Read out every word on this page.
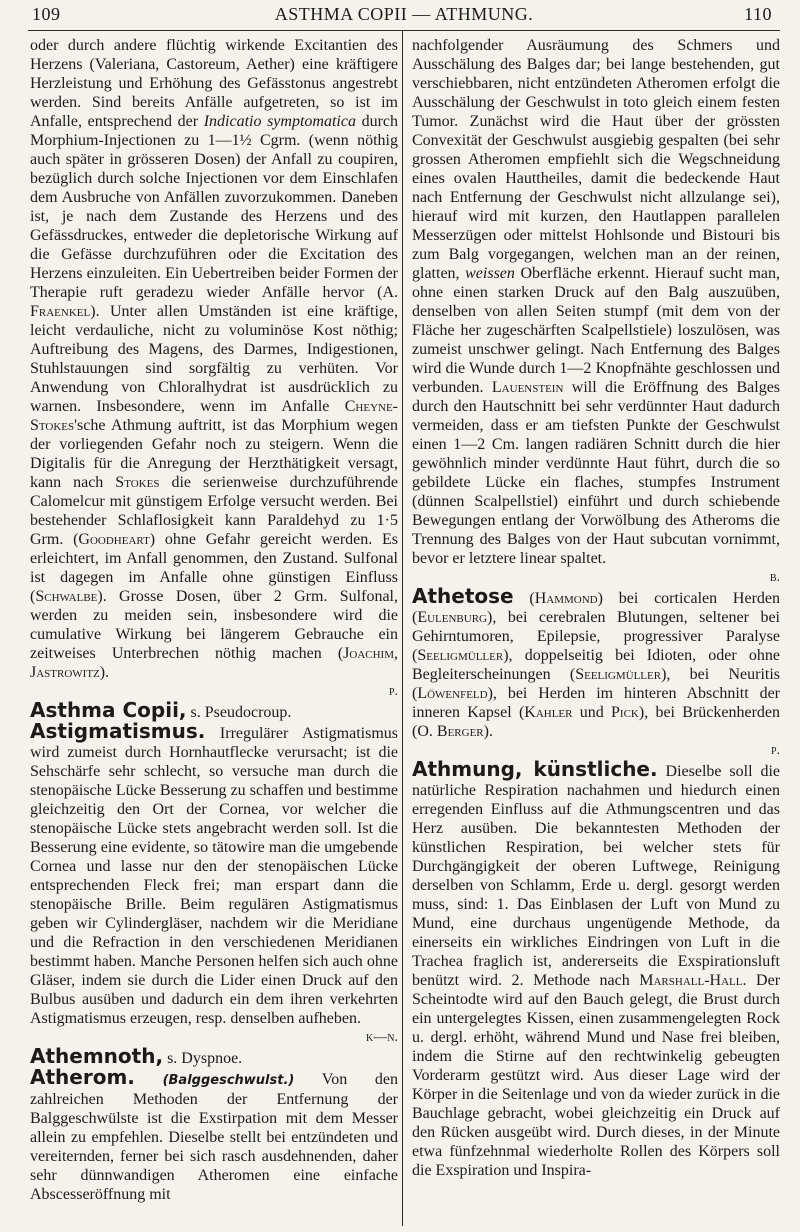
109	ASTHMA COPII — ATHMUNG.	110

oder durch andere flüchtig wirkende Excitantien des Herzens (Valeriana, Castoreum, Aether) eine kräftigere Herzleistung und Erhöhung des Gefässtonus angestrebt werden. Sind bereits Anfälle aufgetreten, so ist im Anfalle, entsprechend der Indicatio symptomatica durch Morphium-Injectionen zu 1—1½ Cgrm. (wenn nöthig auch später in grösseren Dosen) der Anfall zu coupiren, bezüglich durch solche Injectionen vor dem Einschlafen dem Ausbruche von Anfällen zuvorzukommen. Daneben ist, je nach dem Zustande des Herzens und des Gefässdruckes, entweder die depletorische Wirkung auf die Gefässe durchzuführen oder die Excitation des Herzens einzuleiten. Ein Uebertreiben beider Formen der Therapie ruft geradezu wieder Anfälle hervor (A. Fraenkel). Unter allen Umständen ist eine kräftige, leicht verdauliche, nicht zu voluminöse Kost nöthig; Auftreibung des Magens, des Darmes, Indigestionen, Stuhlstauungen sind sorgfältig zu verhüten. Vor Anwendung von Chloralhydrat ist ausdrücklich zu warnen. Insbesondere, wenn im Anfalle Cheyne-Stokes'sche Athmung auftritt, ist das Morphium wegen der vorliegenden Gefahr noch zu steigern. Wenn die Digitalis für die Anregung der Herzthätigkeit versagt, kann nach Stokes die serienweise durchzuführende Calomelcur mit günstigem Erfolge versucht werden. Bei bestehender Schlaflosigkeit kann Paraldehyd zu 1·5 Grm. (Goodheart) ohne Gefahr gereicht werden. Es erleichtert, im Anfall genommen, den Zustand. Sulfonal ist dagegen im Anfalle ohne günstigen Einfluss (Schwalbe). Grosse Dosen, über 2 Grm. Sulfonal, werden zu meiden sein, insbesondere wird die cumulative Wirkung bei längerem Gebrauche ein zeitweises Unterbrechen nöthig machen (Joachim, Jastrowitz).

p.

Asthma Copii, s. Pseudocroup.

Astigmatismus. Irregulärer Astigmatismus wird zumeist durch Hornhautflecke verursacht; ist die Sehschärfe sehr schlecht, so versuche man durch die stenopäische Lücke Besserung zu schaffen und bestimme gleichzeitig den Ort der Cornea, vor welcher die stenopäische Lücke stets angebracht werden soll. Ist die Besserung eine evidente, so tätowire man die umgebende Cornea und lasse nur den der stenopäischen Lücke entsprechenden Fleck frei; man erspart dann die stenopäische Brille. Beim regulären Astigmatismus geben wir Cylindergläser, nachdem wir die Meridiane und die Refraction in den verschiedenen Meridianen bestimmt haben. Manche Personen helfen sich auch ohne Gläser, indem sie durch die Lider einen Druck auf den Bulbus ausüben und dadurch ein dem ihren verkehrten Astigmatismus erzeugen, resp. denselben aufheben.

k—n.

Athemnoth, s. Dyspnoe.

Atherom. (Balggeschwulst.) Von den zahlreichen Methoden der Entfernung der Balggeschwülste ist die Exstirpation mit dem Messer allein zu empfehlen. Dieselbe stellt bei entzündeten und vereiternden, ferner bei sich rasch ausdehnenden, daher sehr dünnwandigen Atheromen eine einfache Abscesseröffnung mit

nachfolgender Ausräumung des Schmers und Ausschälung des Balges dar; bei lange bestehenden, gut verschiebbaren, nicht entzündeten Atheromen erfolgt die Ausschälung der Geschwulst in toto gleich einem festen Tumor. Zunächst wird die Haut über der grössten Convexität der Geschwulst ausgiebig gespalten (bei sehr grossen Atheromen empfiehlt sich die Wegschneidung eines ovalen Hauttheiles, damit die bedeckende Haut nach Entfernung der Geschwulst nicht allzulange sei), hierauf wird mit kurzen, den Hautlappen parallelen Messerzügen oder mittelst Hohlsonde und Bistouri bis zum Balg vorgegangen, welchen man an der reinen, glatten, weissen Oberfläche erkennt. Hierauf sucht man, ohne einen starken Druck auf den Balg auszuüben, denselben von allen Seiten stumpf (mit dem von der Fläche her zugeschärften Scalpellstiele) loszulösen, was zumeist unschwer gelingt. Nach Entfernung des Balges wird die Wunde durch 1—2 Knopfnähte geschlossen und verbunden. Lauenstein will die Eröffnung des Balges durch den Hautschnitt bei sehr verdünnter Haut dadurch vermeiden, dass er am tiefsten Punkte der Geschwulst einen 1—2 Cm. langen radiären Schnitt durch die hier gewöhnlich minder verdünnte Haut führt, durch die so gebildete Lücke ein flaches, stumpfes Instrument (dünnen Scalpellstiel) einführt und durch schiebende Bewegungen entlang der Vorwölbung des Atheroms die Trennung des Balges von der Haut subcutan vornimmt, bevor er letztere linear spaltet.

b.

Athetose (Hammond) bei corticalen Herden (Eulenburg), bei cerebralen Blutungen, seltener bei Gehirntumoren, Epilepsie, progressiver Paralyse (Seeligmüller), doppelseitig bei Idioten, oder ohne Begleiterscheinungen (Seeligmüller), bei Neuritis (Löwenfeld), bei Herden im hinteren Abschnitt der inneren Kapsel (Kahler und Pick), bei Brückenherden (O. Berger).

p.

Athmung, künstliche. Dieselbe soll die natürliche Respiration nachahmen und hiedurch einen erregenden Einfluss auf die Athmungscentren und das Herz ausüben. Die bekanntesten Methoden der künstlichen Respiration, bei welcher stets für Durchgängigkeit der oberen Luftwege, Reinigung derselben von Schlamm, Erde u. dergl. gesorgt werden muss, sind: 1. Das Einblasen der Luft von Mund zu Mund, eine durchaus ungenügende Methode, da einerseits ein wirkliches Eindringen von Luft in die Trachea fraglich ist, andererseits die Exspirationsluft benützt wird. 2. Methode nach Marshall-Hall. Der Scheintodte wird auf den Bauch gelegt, die Brust durch ein untergelegtes Kissen, einen zusammengelegten Rock u. dergl. erhöht, während Mund und Nase frei bleiben, indem die Stirne auf den rechtwinkelig gebeugten Vorderarm gestützt wird. Aus dieser Lage wird der Körper in die Seitenlage und von da wieder zurück in die Bauchlage gebracht, wobei gleichzeitig ein Druck auf den Rücken ausgeübt wird. Durch dieses, in der Minute etwa fünfzehnmal wiederholte Rollen des Körpers soll die Exspiration und Inspira-
